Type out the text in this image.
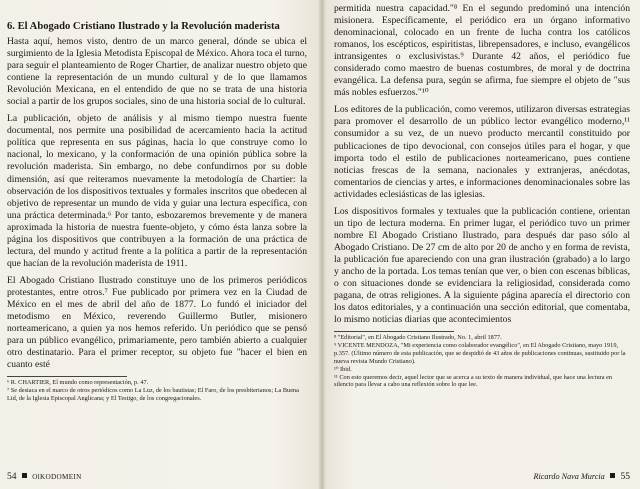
6. El Abogado Cristiano Ilustrado y la Revolución maderista

Hasta aquí, hemos visto, dentro de un marco general, dónde se ubica el surgimiento de la Iglesia Metodista Episcopal de México. Ahora toca el turno, para seguir el planteamiento de Roger Chartier, de analizar nuestro objeto que contiene la representación de un mundo cultural y de lo que llamamos Revolución Mexicana, en el entendido de que no se trata de una historia social a partir de los grupos sociales, sino de una historia social de lo cultural.

La publicación, objeto de análisis y al mismo tiempo nuestra fuente documental, nos permite una posibilidad de acercamiento hacia la actitud política que representa en sus páginas, hacia lo que construye como lo nacional, lo mexicano, y la conformación de una opinión pública sobre la revolución maderista. Sin embargo, no debe confundirnos por su doble dimensión, así que reiteramos nuevamente la metodología de Chartier: la observación de los dispositivos textuales y formales inscritos que obedecen al objetivo de representar un mundo de vida y guiar una lectura específica, con una práctica determinada.⁶ Por tanto, esbozaremos brevemente y de manera aproximada la historia de nuestra fuente-objeto, y cómo ésta lanza sobre la página los dispositivos que contribuyen a la formación de una práctica de lectura, del mundo y actitud frente a la política a partir de la representación que hacían de la revolución maderista de 1911.

El Abogado Cristiano Ilustrado constituye uno de los primeros periódicos protestantes, entre otros.⁷ Fue publicado por primera vez en la Ciudad de México en el mes de abril del año de 1877. Lo fundó el iniciador del metodismo en México, reverendo Guillermo Butler, misionero norteamericano, a quien ya nos hemos referido. Un periódico que se pensó para un público evangélico, primariamente, pero también abierto a cualquier otro destinatario. Para el primer receptor, su objeto fue "hacer el bien en cuanto esté

⁶ R. CHARTIER, El mundo como representación, p. 47.
⁷ Se destaca en el marco de otros periódicos como La Luz, de los bautistas; El Faro, de los presbiterianos; La Buena Lid, de la Iglesia Episcopal Anglicana; y El Testigo, de los congregacionales.
54 OlKODOMEIN

permitida nuestra capacidad."⁸ En el segundo predominó una intención misionera. Específicamente, el periódico era un órgano informativo denominacional, colocado en un frente de lucha contra los católicos romanos, los escépticos, espiritistas, librepensadores, e incluso, evangélicos intransigentes o exclusivistas.⁹ Durante 42 años, el periódico fue considerado como maestro de buenas costumbres, de moral y de doctrina evangélica. La defensa pura, según se afirma, fue siempre el objeto de "sus más nobles esfuerzos."¹⁰

Los editores de la publicación, como veremos, utilizaron diversas estrategias para promover el desarrollo de un público lector evangélico moderno,¹¹ consumidor a su vez, de un nuevo producto mercantil constituido por publicaciones de tipo devocional, con consejos útiles para el hogar, y que importa todo el estilo de publicaciones norteamericano, pues contiene noticias frescas de la semana, nacionales y extranjeras, anécdotas, comentarios de ciencias y artes, e informaciones denominacionales sobre las actividades eclesiásticas de las iglesias.

Los dispositivos formales y textuales que la publicación contiene, orientan un tipo de lectura moderna. En primer lugar, el periódico tuvo un primer nombre El Abogado Cristiano Ilustrado, para después dar paso sólo al Abogado Cristiano. De 27 cm de alto por 20 de ancho y en forma de revista, la publicación fue apareciendo con una gran ilustración (grabado) a lo largo y ancho de la portada. Los temas tenían que ver, o bien con escenas bíblicas, o con situaciones donde se evidenciara la religiosidad, considerada como pagana, de otras religiones. A la siguiente página aparecía el directorio con los datos editoriales, y a continuación una sección editorial, que comentaba, lo mismo noticias diarias que acontecimientos

⁸ "Editorial", en El Abogado Cristiano Ilustrado, No. 1, abril 1877.
⁹ VICENTE MENDOZA, "Mi experiencia como colaborador evangélico", en El Abogado Cristiano, mayo 1919, p.357. (Último número de esta publicación, que se despidió de 43 años de publicaciones continuas, sustituido por la nueva revista Mundo Cristiano).
¹⁰ Ibid.
¹¹ Con esto queremos decir, aquel lector que se acerca a su texto de manera individual, que hace una lectura en silencio para llevar a cabo una reflexión sobre lo que lee.
Ricardo Nava Murcia 55
